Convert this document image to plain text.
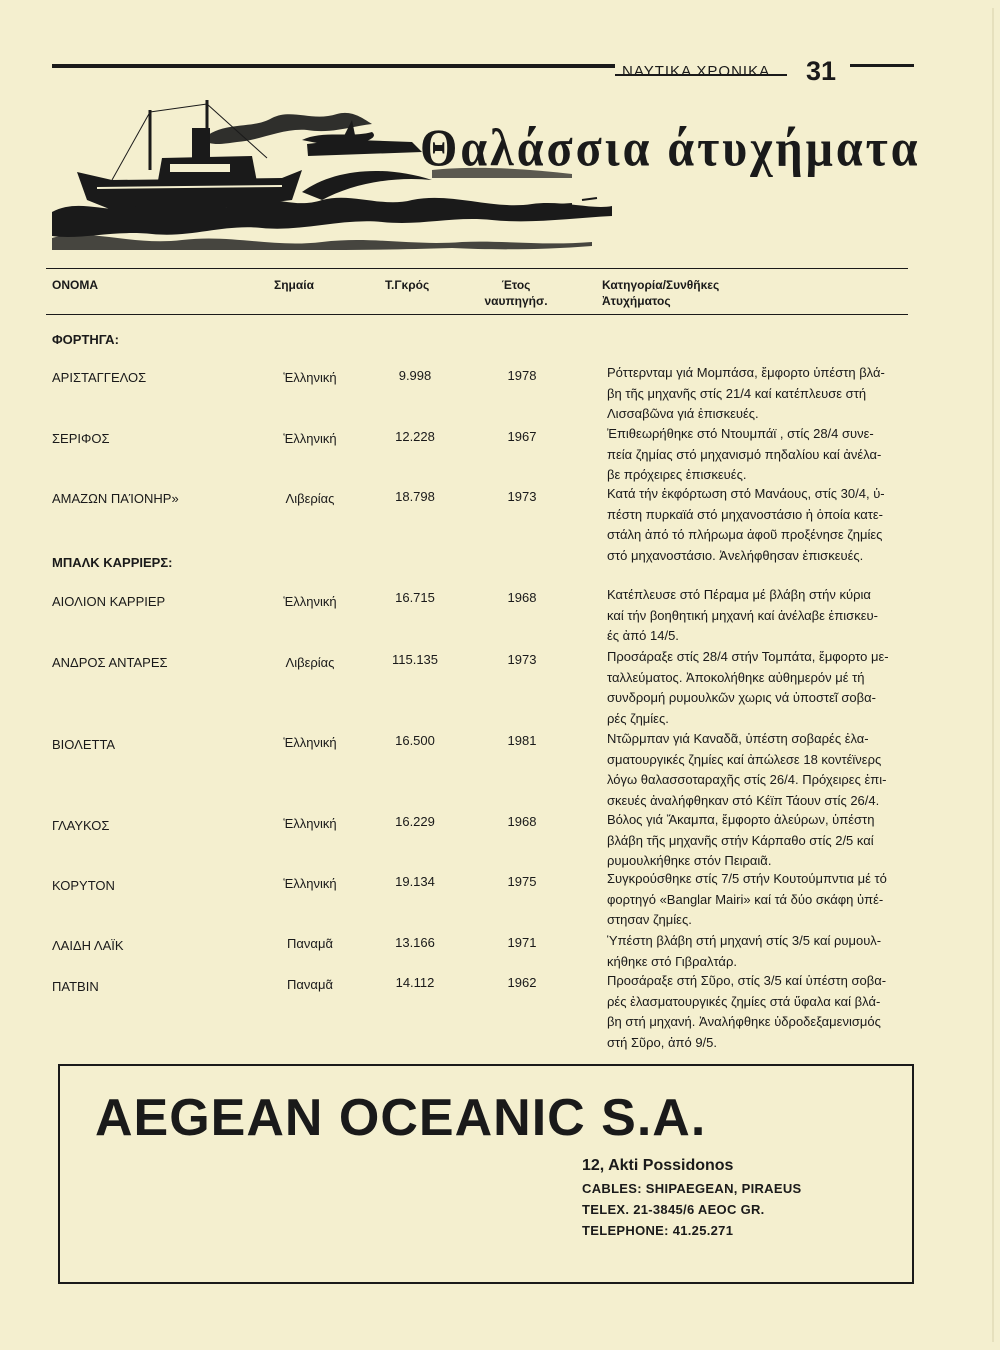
ΝΑΥΤΙΚΑ ΧΡΟΝΙΚΑ 31
Θαλάσσια άτυχήματα
ΟΝΟΜΑ	Σημαία	Τ.Γκρός	Έτος
ναυπηγήσ.
Κατηγορία/Συνθῆκες
Ἀτυχήματος
ΦΟΡΤΗΓΑ:
ΑΡΙΣΤΑΓΓΕΛΟΣ	Ἑλληνική	9.998	1978	Ρόττερνταμ γιά Μομπάσα, ἔμφορτο ὑπέστη βλά-
βη τῆς μηχανῆς στίς 21/4 καί κατέπλευσε στή
Λισσαβῶνα γιά ἐπισκευές.
ΣΕΡΙΦΟΣ	Ἑλληνική	12.228	1967	Ἐπιθεωρήθηκε στό Ντουμπάϊ , στίς 28/4 συνε-
πεία ζημίας στό μηχανισμό πηδαλίου καί ἀνέλα-
βε πρόχειρες ἐπισκευές.
ΑΜΑΖΩΝ ΠΑΊΟΝΗΡ»	Λιβερίας	18.798	1973	Κατά τήν ἐκφόρτωση στό Μανάους, στίς 30/4, ὑ-
πέστη πυρκαϊά στό μηχανοστάσιο ἡ ὁποία κατε-
στάλη ἀπό τό πλήρωμα ἀφοῦ προξένησε ζημίες
στό μηχανοστάσιο. Ἀνελήφθησαν ἐπισκευές.
ΜΠΑΛΚ ΚΑΡΡΙΕΡΣ:
ΑΙΟΛΙΟΝ ΚΑΡΡΙΕΡ	Ἑλληνική	16.715	1968	Κατέπλευσε στό Πέραμα μέ βλάβη στήν κύρια
καί τήν βοηθητική μηχανή καί ἀνέλαβε ἐπισκευ-
ές ἀπό 14/5.
ΑΝΔΡΟΣ ΑΝΤΑΡΕΣ	Λιβερίας	115.135	1973	Προσάραξε στίς 28/4 στήν Τομπάτα, ἔμφορτο με-
ταλλεύματος. Ἀποκολήθηκε αὐθημερόν μέ τή
συνδρομή ρυμουλκῶν χωρις νά ὑποστεῖ σοβα-
ρές ζημίες.
ΒΙΟΛΕΤΤΑ	Ἑλληνική	16.500	1981	Ντῶρμπαν γιά Καναδᾶ, ὑπέστη σοβαρές ἐλα-
σματουργικές ζημίες καί ἀπώλεσε 18 κοντέϊνερς
λόγω θαλασσοταραχῆς στίς 26/4. Πρόχειρες ἐπι-
σκευές ἀναλήφθηκαν στό Κέϊπ Τάουν στίς 26/4.
ΓΛΑΥΚΟΣ	Ἑλληνική	16.229	1968	Βόλος γιά Ἄκαμπα, ἔμφορτο ἀλεύρων, ὑπέστη
βλάβη τῆς μηχανῆς στήν Κάρπαθο στίς 2/5 καί
ρυμουλκήθηκε στόν Πειραιᾶ.
ΚΟΡΥΤΟΝ	Ἑλληνική	19.134	1975	Συγκρούσθηκε στίς 7/5 στήν Κουτούμπντια μέ τό
φορτηγό «Banglar Mairi» καί τά δύο σκάφη ὑπέ-
στησαν ζημίες.
ΛΑΙΔΗ ΛΑΪΚ	Παναμᾶ	13.166	1971	Ὑπέστη βλάβη στή μηχανή στίς 3/5 καί ρυμουλ-
κήθηκε στό Γιβραλτάρ.
ΠΑΤΒΙΝ	Παναμᾶ	14.112	1962	Προσάραξε στή Σῦρο, στίς 3/5 καί ὑπέστη σοβα-
ρές ἐλασματουργικές ζημίες στά ὕφαλα καί βλά-
βη στή μηχανή. Ἀναλήφθηκε ὑδροδεξαμενισμός
στή Σῦρο, ἀπό 9/5.
AEGEAN OCEANIC S.A.
12, Akti Possidonos
CABLES: SHIPAEGEAN, PIRAEUS
TELEX. 21-3845/6 AEOC GR.
TELEPHONE: 41.25.271
